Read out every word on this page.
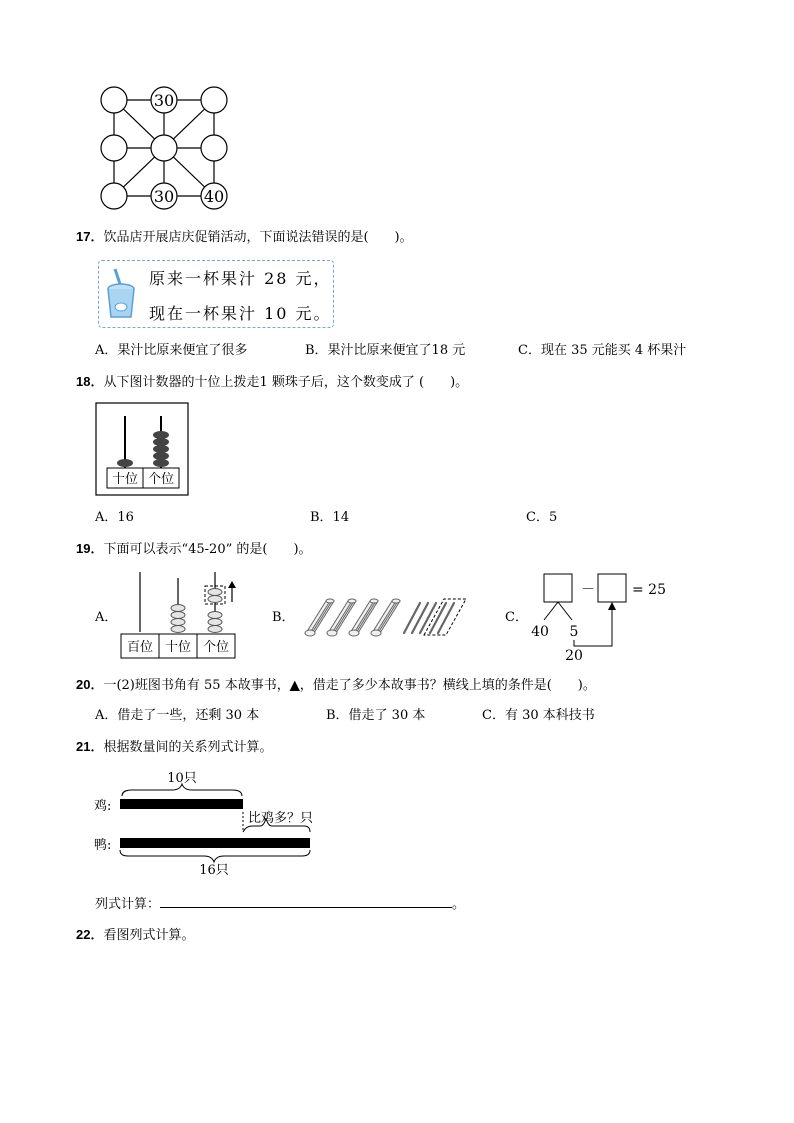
30
30 40
17．饮品店开展店庆促销活动，下面说法错误的是(　　)。
原来一杯果汁 28 元，
现在一杯果汁 10 元。
A．果汁比原来便宜了很多	B．果汁比原来便宜了18 元	C．现在 35 元能买 4 杯果汁
18．从下图计数器的十位上拨走1 颗珠子后，这个数变成了 (　　)。
十位 个位
A．16	B．14	C．5
19．下面可以表示“45-20” 的是(　　)。
A．
百位 十位 个位
B．	C．
－	= 25
40 5
20
20．一(2)班图书角有 55 本故事书，▲，借走了多少本故事书？横线上填的条件是(　　)。
A．借走了一些，还剩 30 本	B．借走了 30 本	C．有 30 本科技书
21．根据数量间的关系列式计算。
10只
鸡:
比鸡多？只
鸭:
16只
列式计算：	。
22．看图列式计算。
